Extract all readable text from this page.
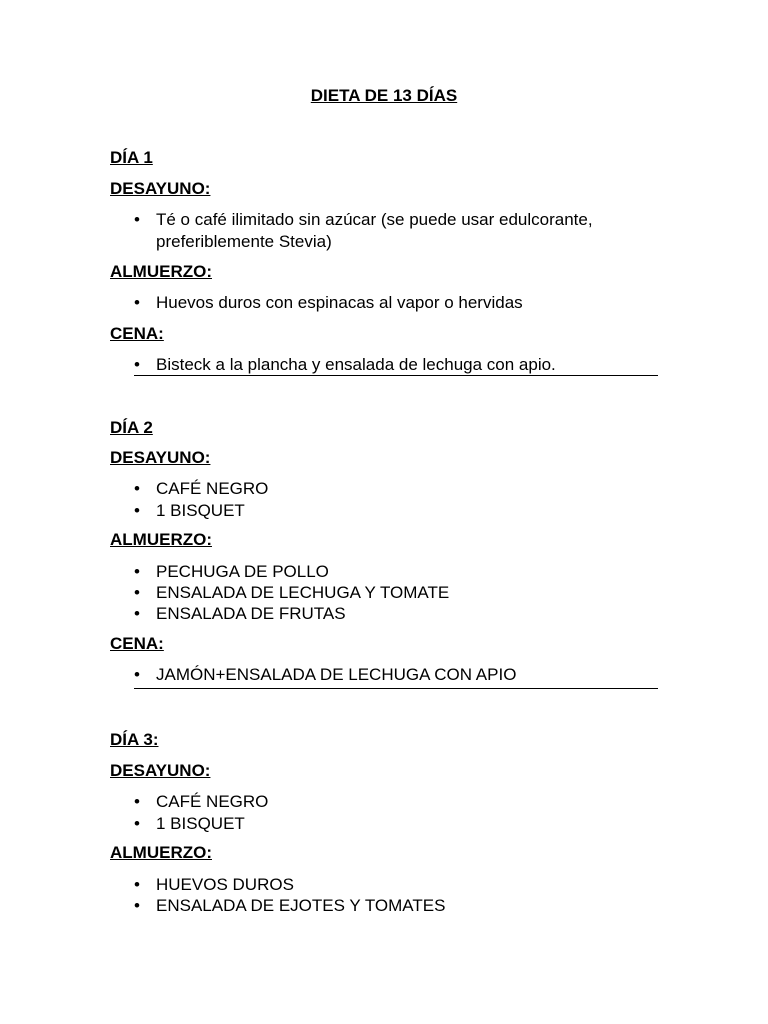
DIETA DE 13 DÍAS
DÍA 1
DESAYUNO:
• Té o café ilimitado sin azúcar (se puede usar edulcorante,
preferiblemente Stevia)
ALMUERZO:
• Huevos duros con espinacas al vapor o hervidas
CENA:
• Bisteck a la plancha y ensalada de lechuga con apio.
DÍA 2
DESAYUNO:
• CAFÉ NEGRO
• 1 BISQUET
ALMUERZO:
• PECHUGA DE POLLO
• ENSALADA DE LECHUGA Y TOMATE
• ENSALADA DE FRUTAS
CENA:
• JAMÓN+ENSALADA DE LECHUGA CON APIO
DÍA 3:
DESAYUNO:
• CAFÉ NEGRO
• 1 BISQUET
ALMUERZO:
• HUEVOS DUROS
• ENSALADA DE EJOTES Y TOMATES
